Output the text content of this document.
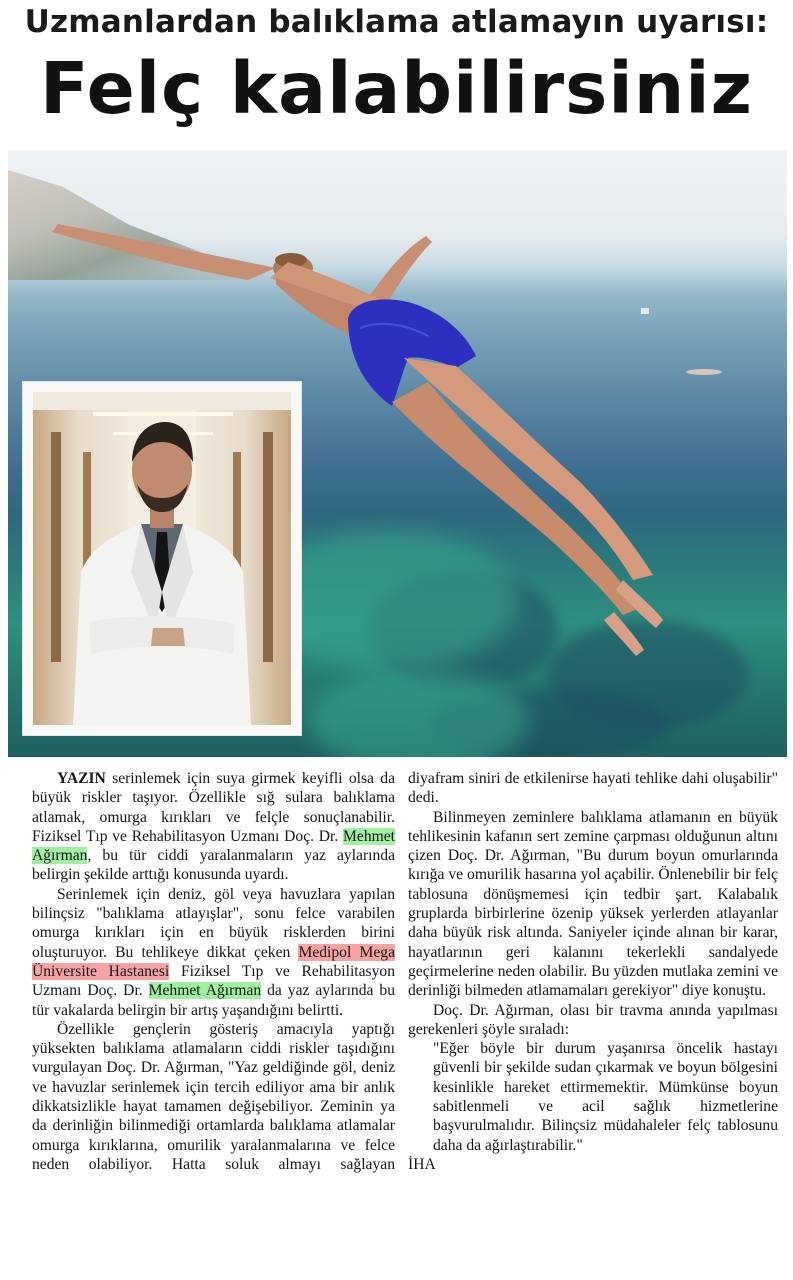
Uzmanlardan balıklama atlamayın uyarısı:
Felç kalabilirsiniz

YAZIN serinlemek için suya girmek keyifli olsa da büyük riskler taşıyor. Özellikle sığ sulara balıklama atlamak, omurga kırıkları ve felçle sonuçlanabilir. Fiziksel Tıp ve Rehabilitasyon Uzmanı Doç. Dr. Mehmet Ağırman, bu tür ciddi yaralanmaların yaz aylarında belirgin şekilde arttığı konusunda uyardı.

Serinlemek için deniz, göl veya havuzlara yapılan bilinçsiz "balıklama atlayışlar", sonu felce varabilen omurga kırıkları için en büyük risklerden birini oluşturuyor. Bu tehlikeye dikkat çeken Medipol Mega Üniversite Hastanesi Fiziksel Tıp ve Rehabilitasyon Uzmanı Doç. Dr. Mehmet Ağırman da yaz aylarında bu tür vakalarda belirgin bir artış yaşandığını belirtti.

Özellikle gençlerin gösteriş amacıyla yaptığı yüksekten balıklama atlamaların ciddi riskler taşıdığını vurgulayan Doç. Dr. Ağırman, "Yaz geldiğinde göl, deniz ve havuzlar serinlemek için tercih ediliyor ama bir anlık dikkatsizlikle hayat tamamen değişebiliyor. Zeminin ya da derinliğin bilinmediği ortamlarda balıklama atlamalar omurga kırıklarına, omurilik yaralanmalarına ve felce neden olabiliyor. Hatta soluk almayı sağlayan

diyafram siniri de etkilenirse hayati tehlike dahi oluşabilir" dedi.

Bilinmeyen zeminlere balıklama atlamanın en büyük tehlikesinin kafanın sert zemine çarpması olduğunun altını çizen Doç. Dr. Ağırman, "Bu durum boyun omurlarında kırığa ve omurilik hasarına yol açabilir. Önlenebilir bir felç tablosuna dönüşmemesi için tedbir şart. Kalabalık gruplarda birbirlerine özenip yüksek yerlerden atlayanlar daha büyük risk altında. Saniyeler içinde alınan bir karar, hayatlarının geri kalanını tekerlekli sandalyede geçirmelerine neden olabilir. Bu yüzden mutlaka zemini ve derinliği bilmeden atlamamaları gerekiyor" diye konuştu.

Doç. Dr. Ağırman, olası bir travma anında yapılması gerekenleri şöyle sıraladı:

"Eğer böyle bir durum yaşanırsa öncelik hastayı güvenli bir şekilde sudan çıkarmak ve boyun bölgesini kesinlikle hareket ettirmemektir. Mümkünse boyun sabitlenmeli ve acil sağlık hizmetlerine başvurulmalıdır. Bilinçsiz müdahaleler felç tablosunu daha da ağırlaştırabilir."

İHA
